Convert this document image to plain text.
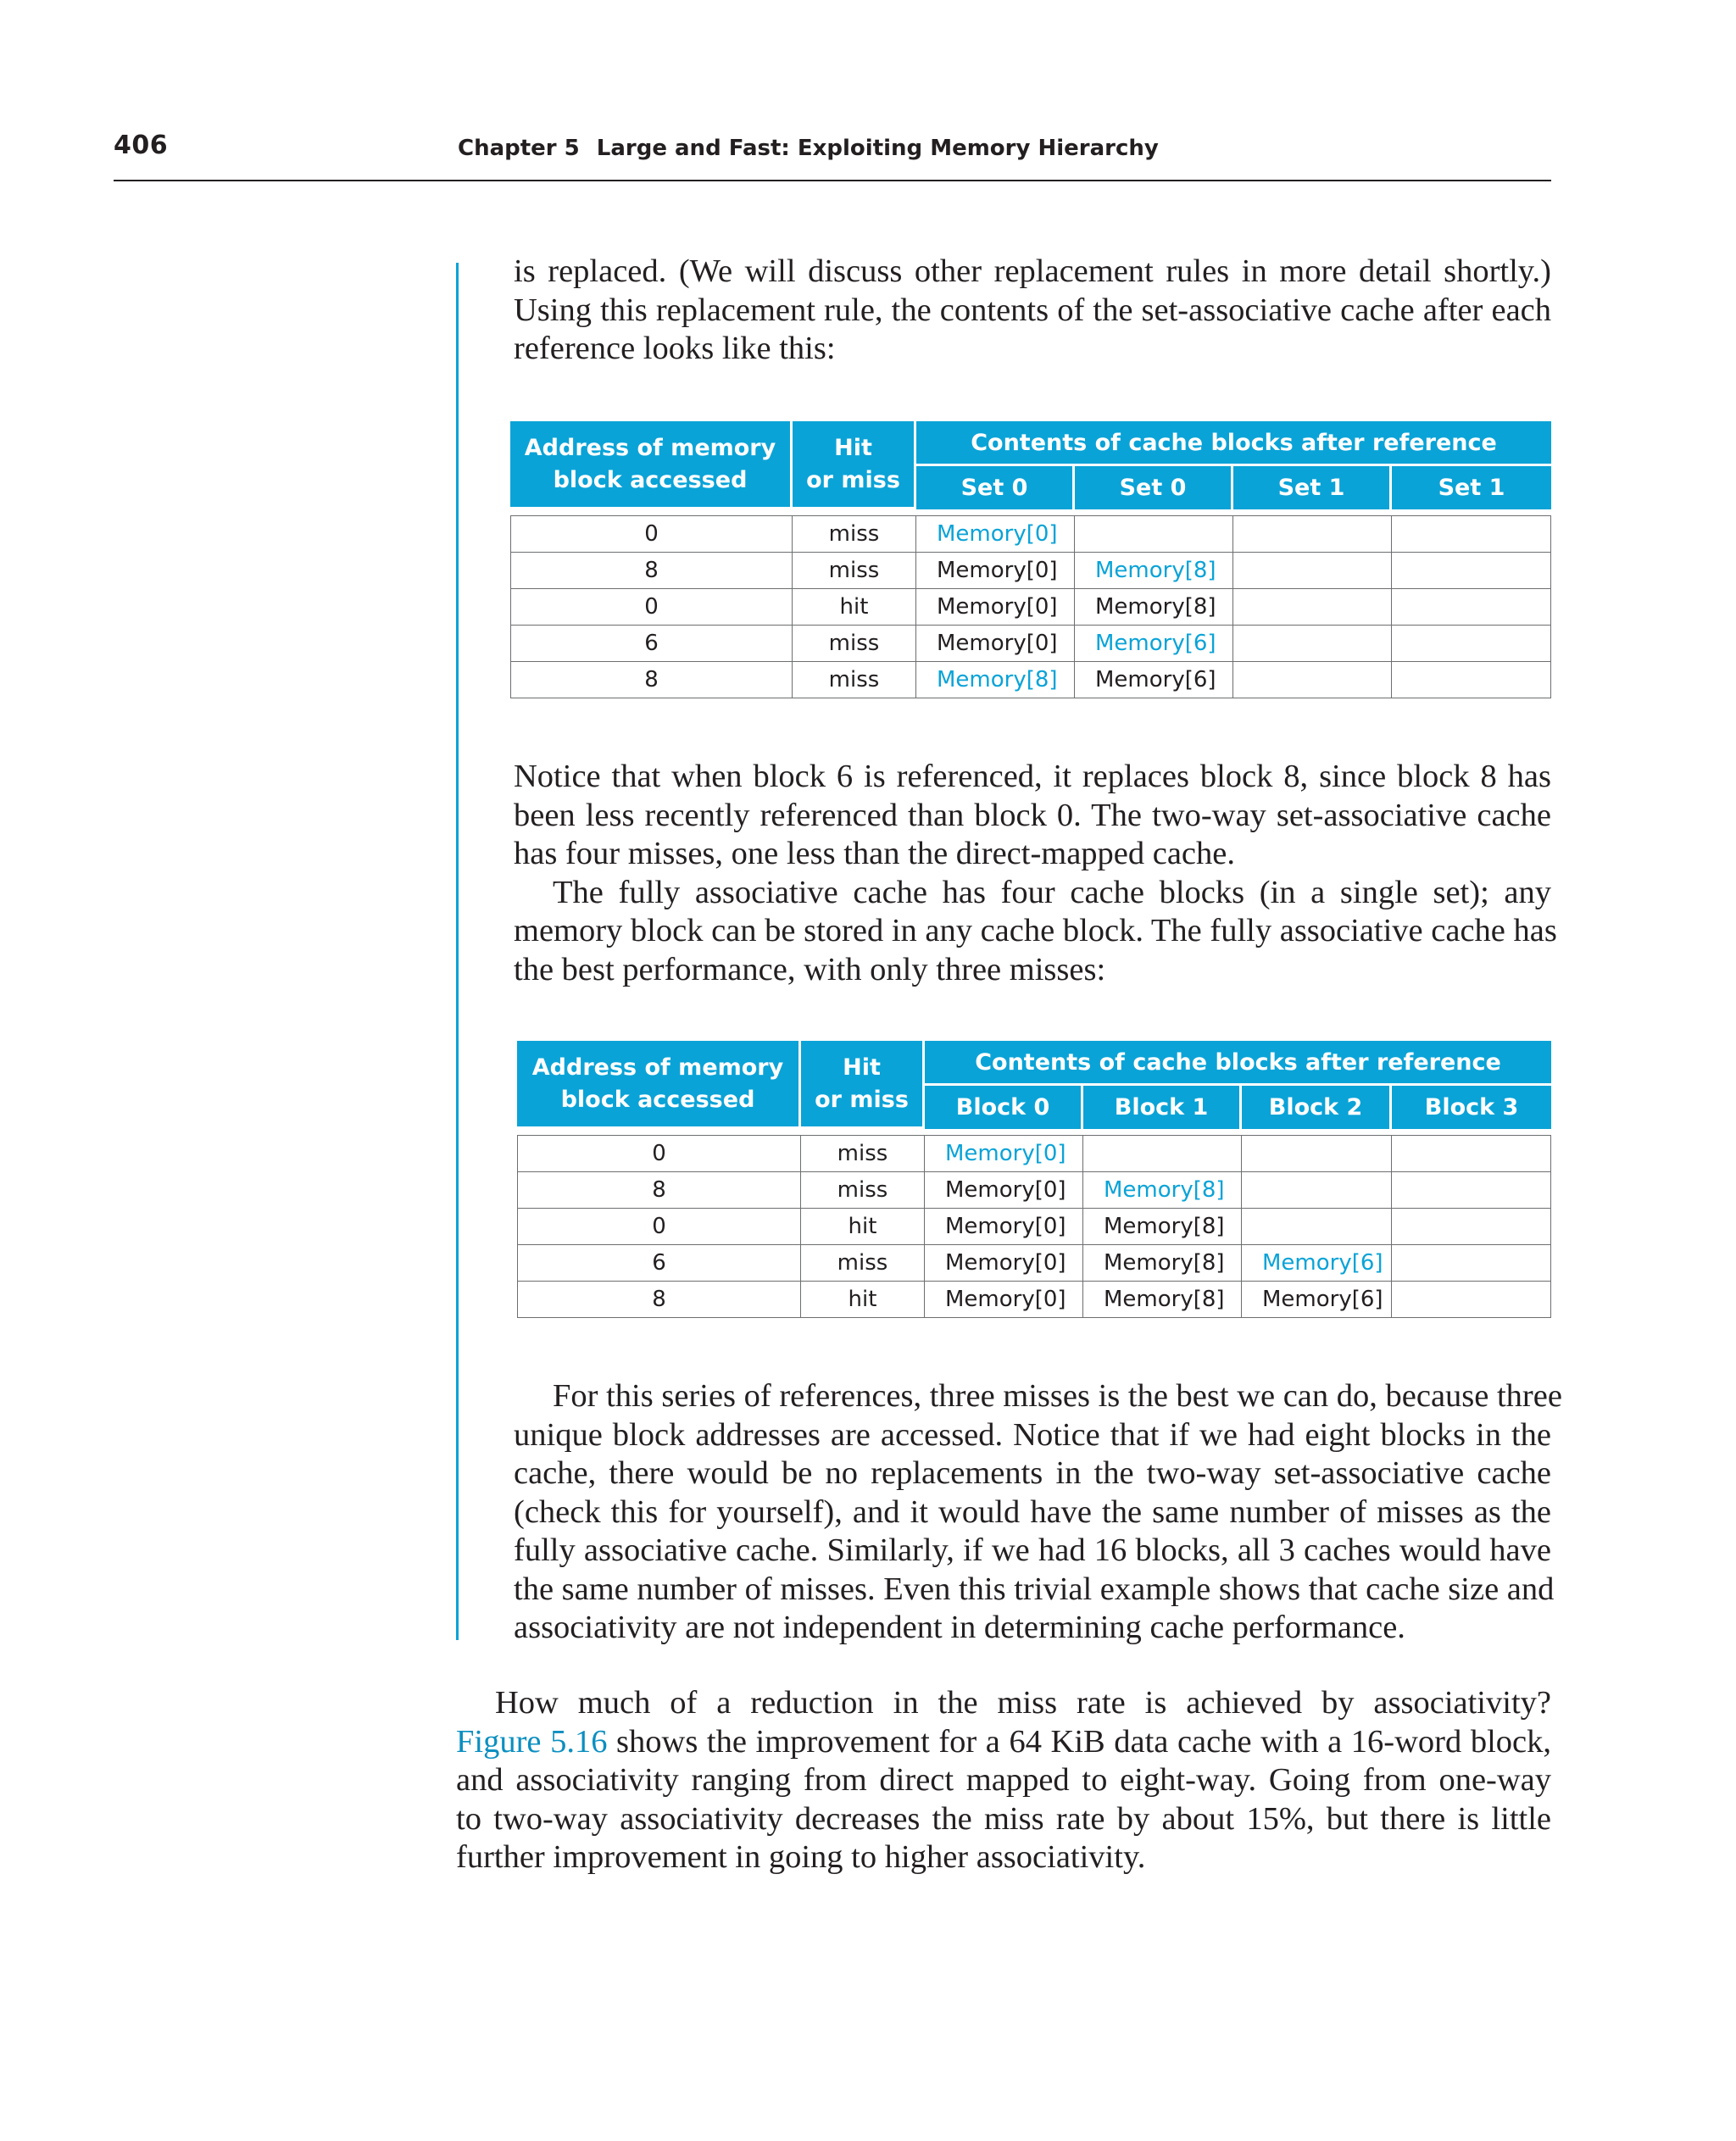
406	Chapter 5 Large and Fast: Exploiting Memory Hierarchy

is replaced. (We will discuss other replacement rules in more detail shortly.)
Using this replacement rule, the contents of the set-associative cache after each
reference looks like this:

Address of memory
block accessed	Hit
or miss	Contents of cache blocks after reference			
		Set 0	Set 0	Set 1	Set 1

0	miss	Memory[0]			
8	miss	Memory[0]	Memory[8]		
0	hit	Memory[0]	Memory[8]		
6	miss	Memory[0]	Memory[6]		
8	miss	Memory[8]	Memory[6]		

Notice that when block 6 is referenced, it replaces block 8, since block 8 has
been less recently referenced than block 0. The two-way set-associative cache
has four misses, one less than the direct-mapped cache.
The fully associative cache has four cache blocks (in a single set); any
memory block can be stored in any cache block. The fully associative cache has
the best performance, with only three misses:

Address of memory
block accessed	Hit
or miss	Contents of cache blocks after reference			
		Block 0	Block 1	Block 2	Block 3

0	miss	Memory[0]			
8	miss	Memory[0]	Memory[8]		
0	hit	Memory[0]	Memory[8]		
6	miss	Memory[0]	Memory[8]	Memory[6]	
8	hit	Memory[0]	Memory[8]	Memory[6]	

For this series of references, three misses is the best we can do, because three
unique block addresses are accessed. Notice that if we had eight blocks in the
cache, there would be no replacements in the two-way set-associative cache
(check this for yourself), and it would have the same number of misses as the
fully associative cache. Similarly, if we had 16 blocks, all 3 caches would have
the same number of misses. Even this trivial example shows that cache size and
associativity are not independent in determining cache performance.

How much of a reduction in the miss rate is achieved by associativity?
Figure 5.16 shows the improvement for a 64 KiB data cache with a 16-word block,
and associativity ranging from direct mapped to eight-way. Going from one-way
to two-way associativity decreases the miss rate by about 15%, but there is little
further improvement in going to higher associativity.
